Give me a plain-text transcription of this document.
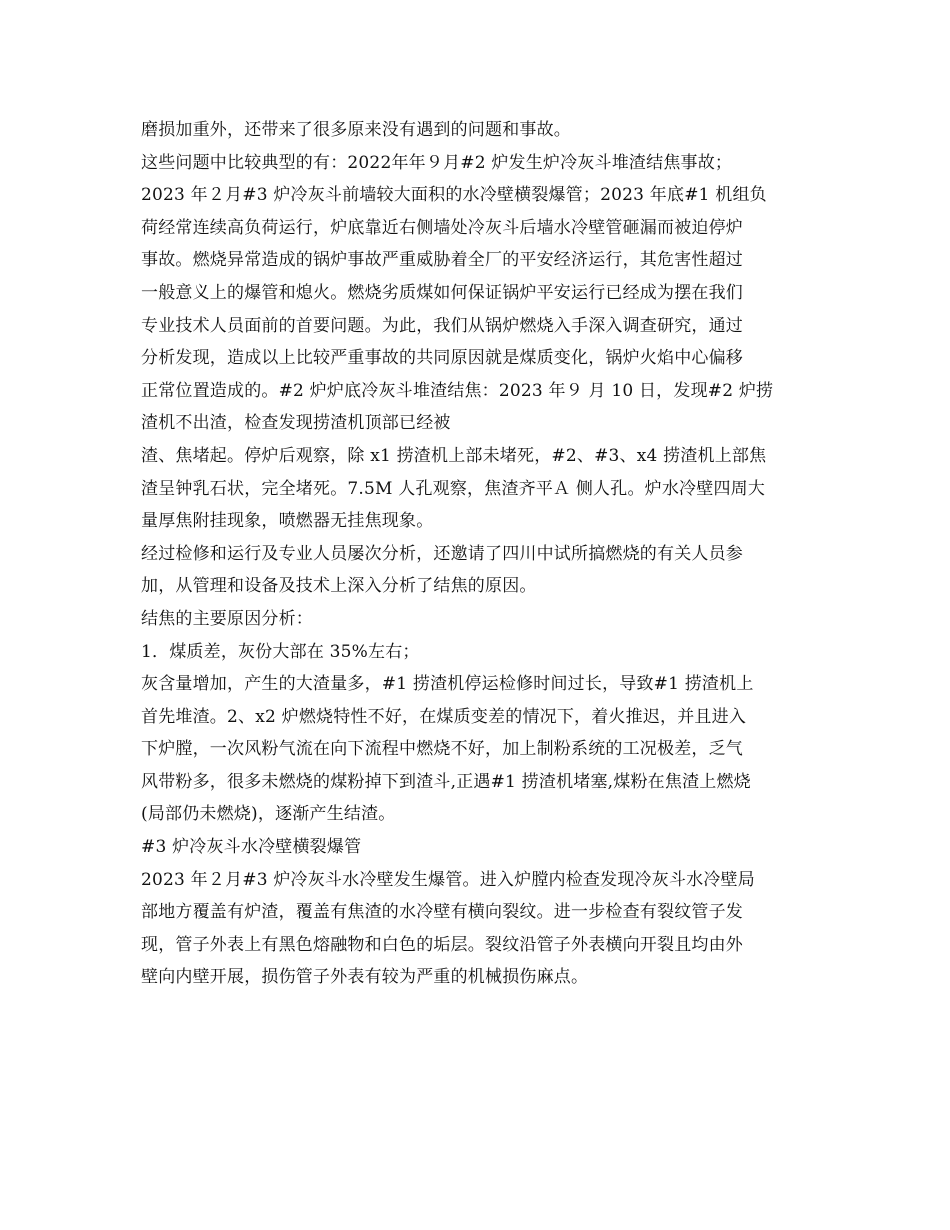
磨损加重外，还带来了很多原来没有遇到的问题和事故。
这些问题中比较典型的有：2022年年９月#2 炉发生炉冷灰斗堆渣结焦事故；
2023 年２月#3 炉冷灰斗前墙较大面积的水冷壁横裂爆管；2023 年底#1 机组负
荷经常连续高负荷运行，炉底靠近右侧墙处冷灰斗后墙水冷壁管砸漏而被迫停炉
事故。燃烧异常造成的锅炉事故严重威胁着全厂的平安经济运行，其危害性超过
一般意义上的爆管和熄火。燃烧劣质煤如何保证锅炉平安运行已经成为摆在我们
专业技术人员面前的首要问题。为此，我们从锅炉燃烧入手深入调查研究，通过
分析发现，造成以上比较严重事故的共同原因就是煤质变化，锅炉火焰中心偏移
正常位置造成的。#2 炉炉底冷灰斗堆渣结焦：2023 年９ 月 10 日，发现#2 炉捞
渣机不出渣，检查发现捞渣机顶部已经被
渣、焦堵起。停炉后观察，除 x1 捞渣机上部未堵死，#2、#3、x4 捞渣机上部焦
渣呈钟乳石状，完全堵死。7.5M 人孔观察，焦渣齐平Ａ 侧人孔。炉水冷壁四周大
量厚焦附挂现象，喷燃器无挂焦现象。
经过检修和运行及专业人员屡次分析，还邀请了四川中试所搞燃烧的有关人员参
加，从管理和设备及技术上深入分析了结焦的原因。
结焦的主要原因分析：
1．煤质差，灰份大部在 35%左右；
灰含量增加，产生的大渣量多，#1 捞渣机停运检修时间过长，导致#1 捞渣机上
首先堆渣。2、x2 炉燃烧特性不好，在煤质变差的情况下，着火推迟，并且进入
下炉膛，一次风粉气流在向下流程中燃烧不好，加上制粉系统的工况极差，乏气
风带粉多，很多未燃烧的煤粉掉下到渣斗,正遇#1 捞渣机堵塞,煤粉在焦渣上燃烧
(局部仍未燃烧)，逐渐产生结渣。
#3 炉冷灰斗水冷壁横裂爆管
2023 年２月#3 炉冷灰斗水冷壁发生爆管。进入炉膛内检查发现冷灰斗水冷壁局
部地方覆盖有炉渣，覆盖有焦渣的水冷壁有横向裂纹。进一步检查有裂纹管子发
现，管子外表上有黑色熔融物和白色的垢层。裂纹沿管子外表横向开裂且均由外
壁向内壁开展，损伤管子外表有较为严重的机械损伤麻点。
